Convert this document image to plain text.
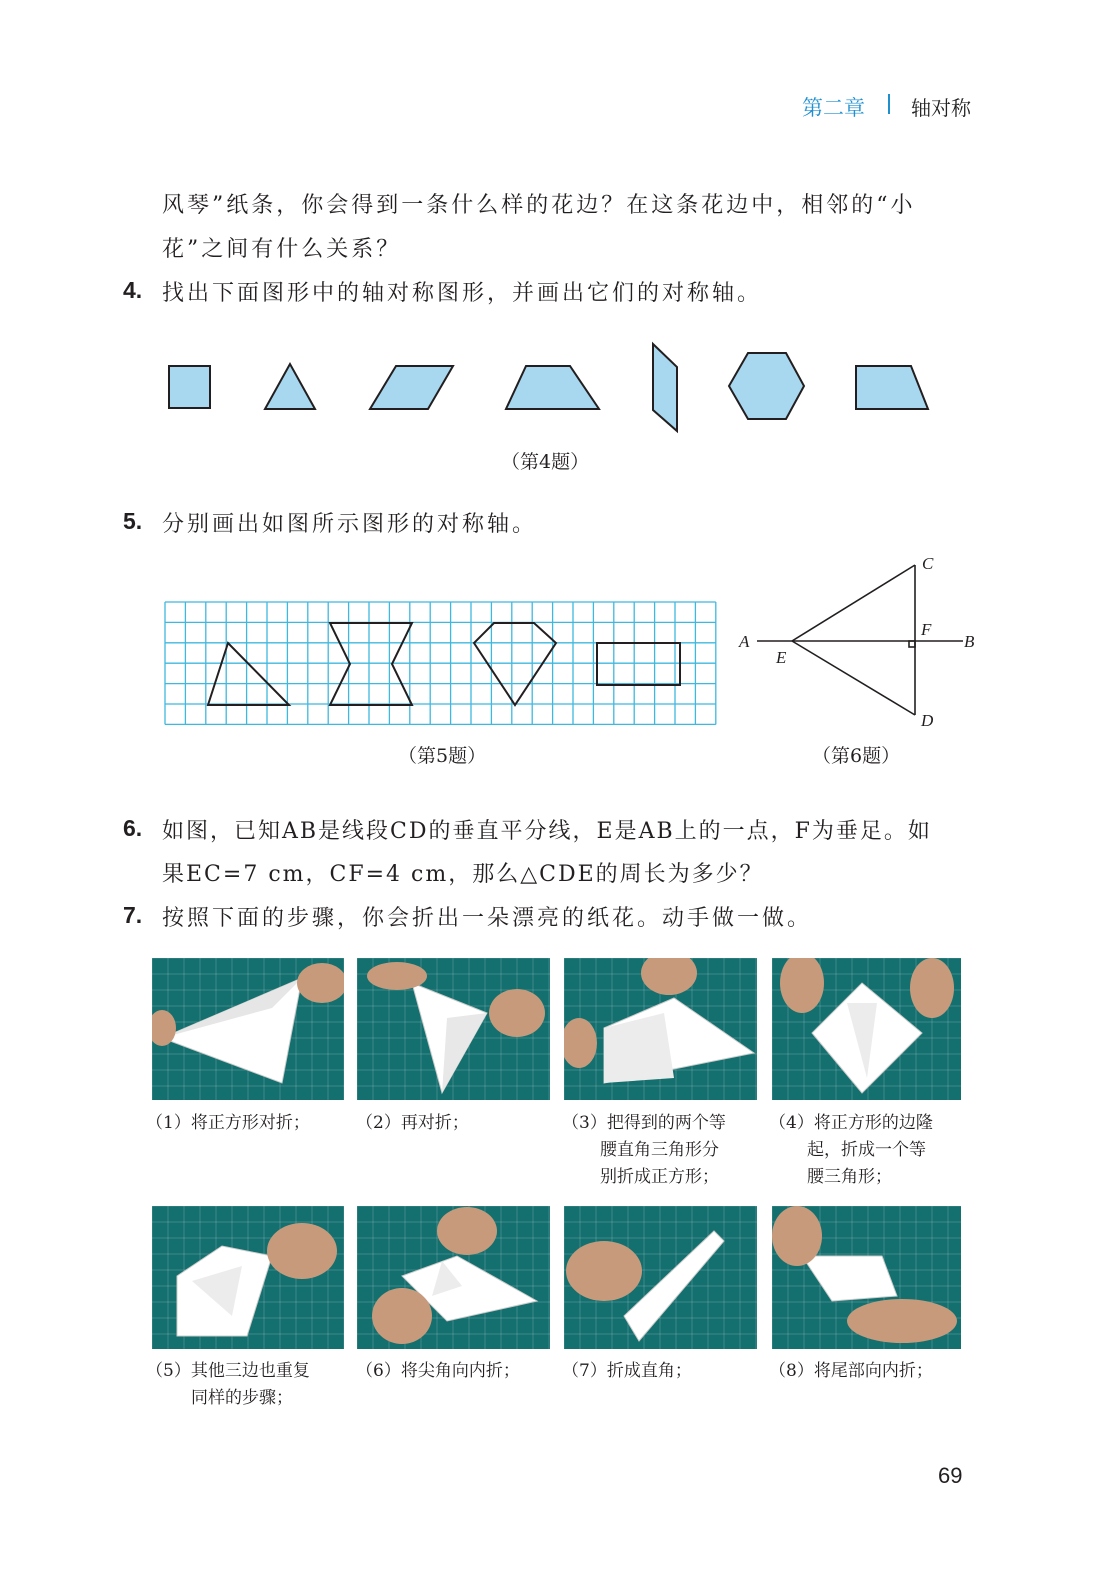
第二章 轴对称
风琴”纸条，你会得到一条什么样的花边？在这条花边中，相邻的“小
花”之间有什么关系？
4. 找出下面图形中的轴对称图形，并画出它们的对称轴。
（第4题）
5. 分别画出如图所示图形的对称轴。
（第5题）
A	B
C
D
E
F
（第6题）
6. 如图，已知AB是线段CD的垂直平分线，E是AB上的一点，F为垂足。如
果EC=7 cm，CF=4 cm，那么△CDE的周长为多少？
7. 按照下面的步骤，你会折出一朵漂亮的纸花。动手做一做。
（1）将正方形对折；	（2）再对折；	（3）把得到的两个等
腰直角三角形分
别折成正方形；
（4）将正方形的边隆
起，折成一个等
腰三角形；
（5）其他三边也重复
同样的步骤；
（6）将尖角向内折； （7）折成直角；	（8）将尾部向内折；
69
